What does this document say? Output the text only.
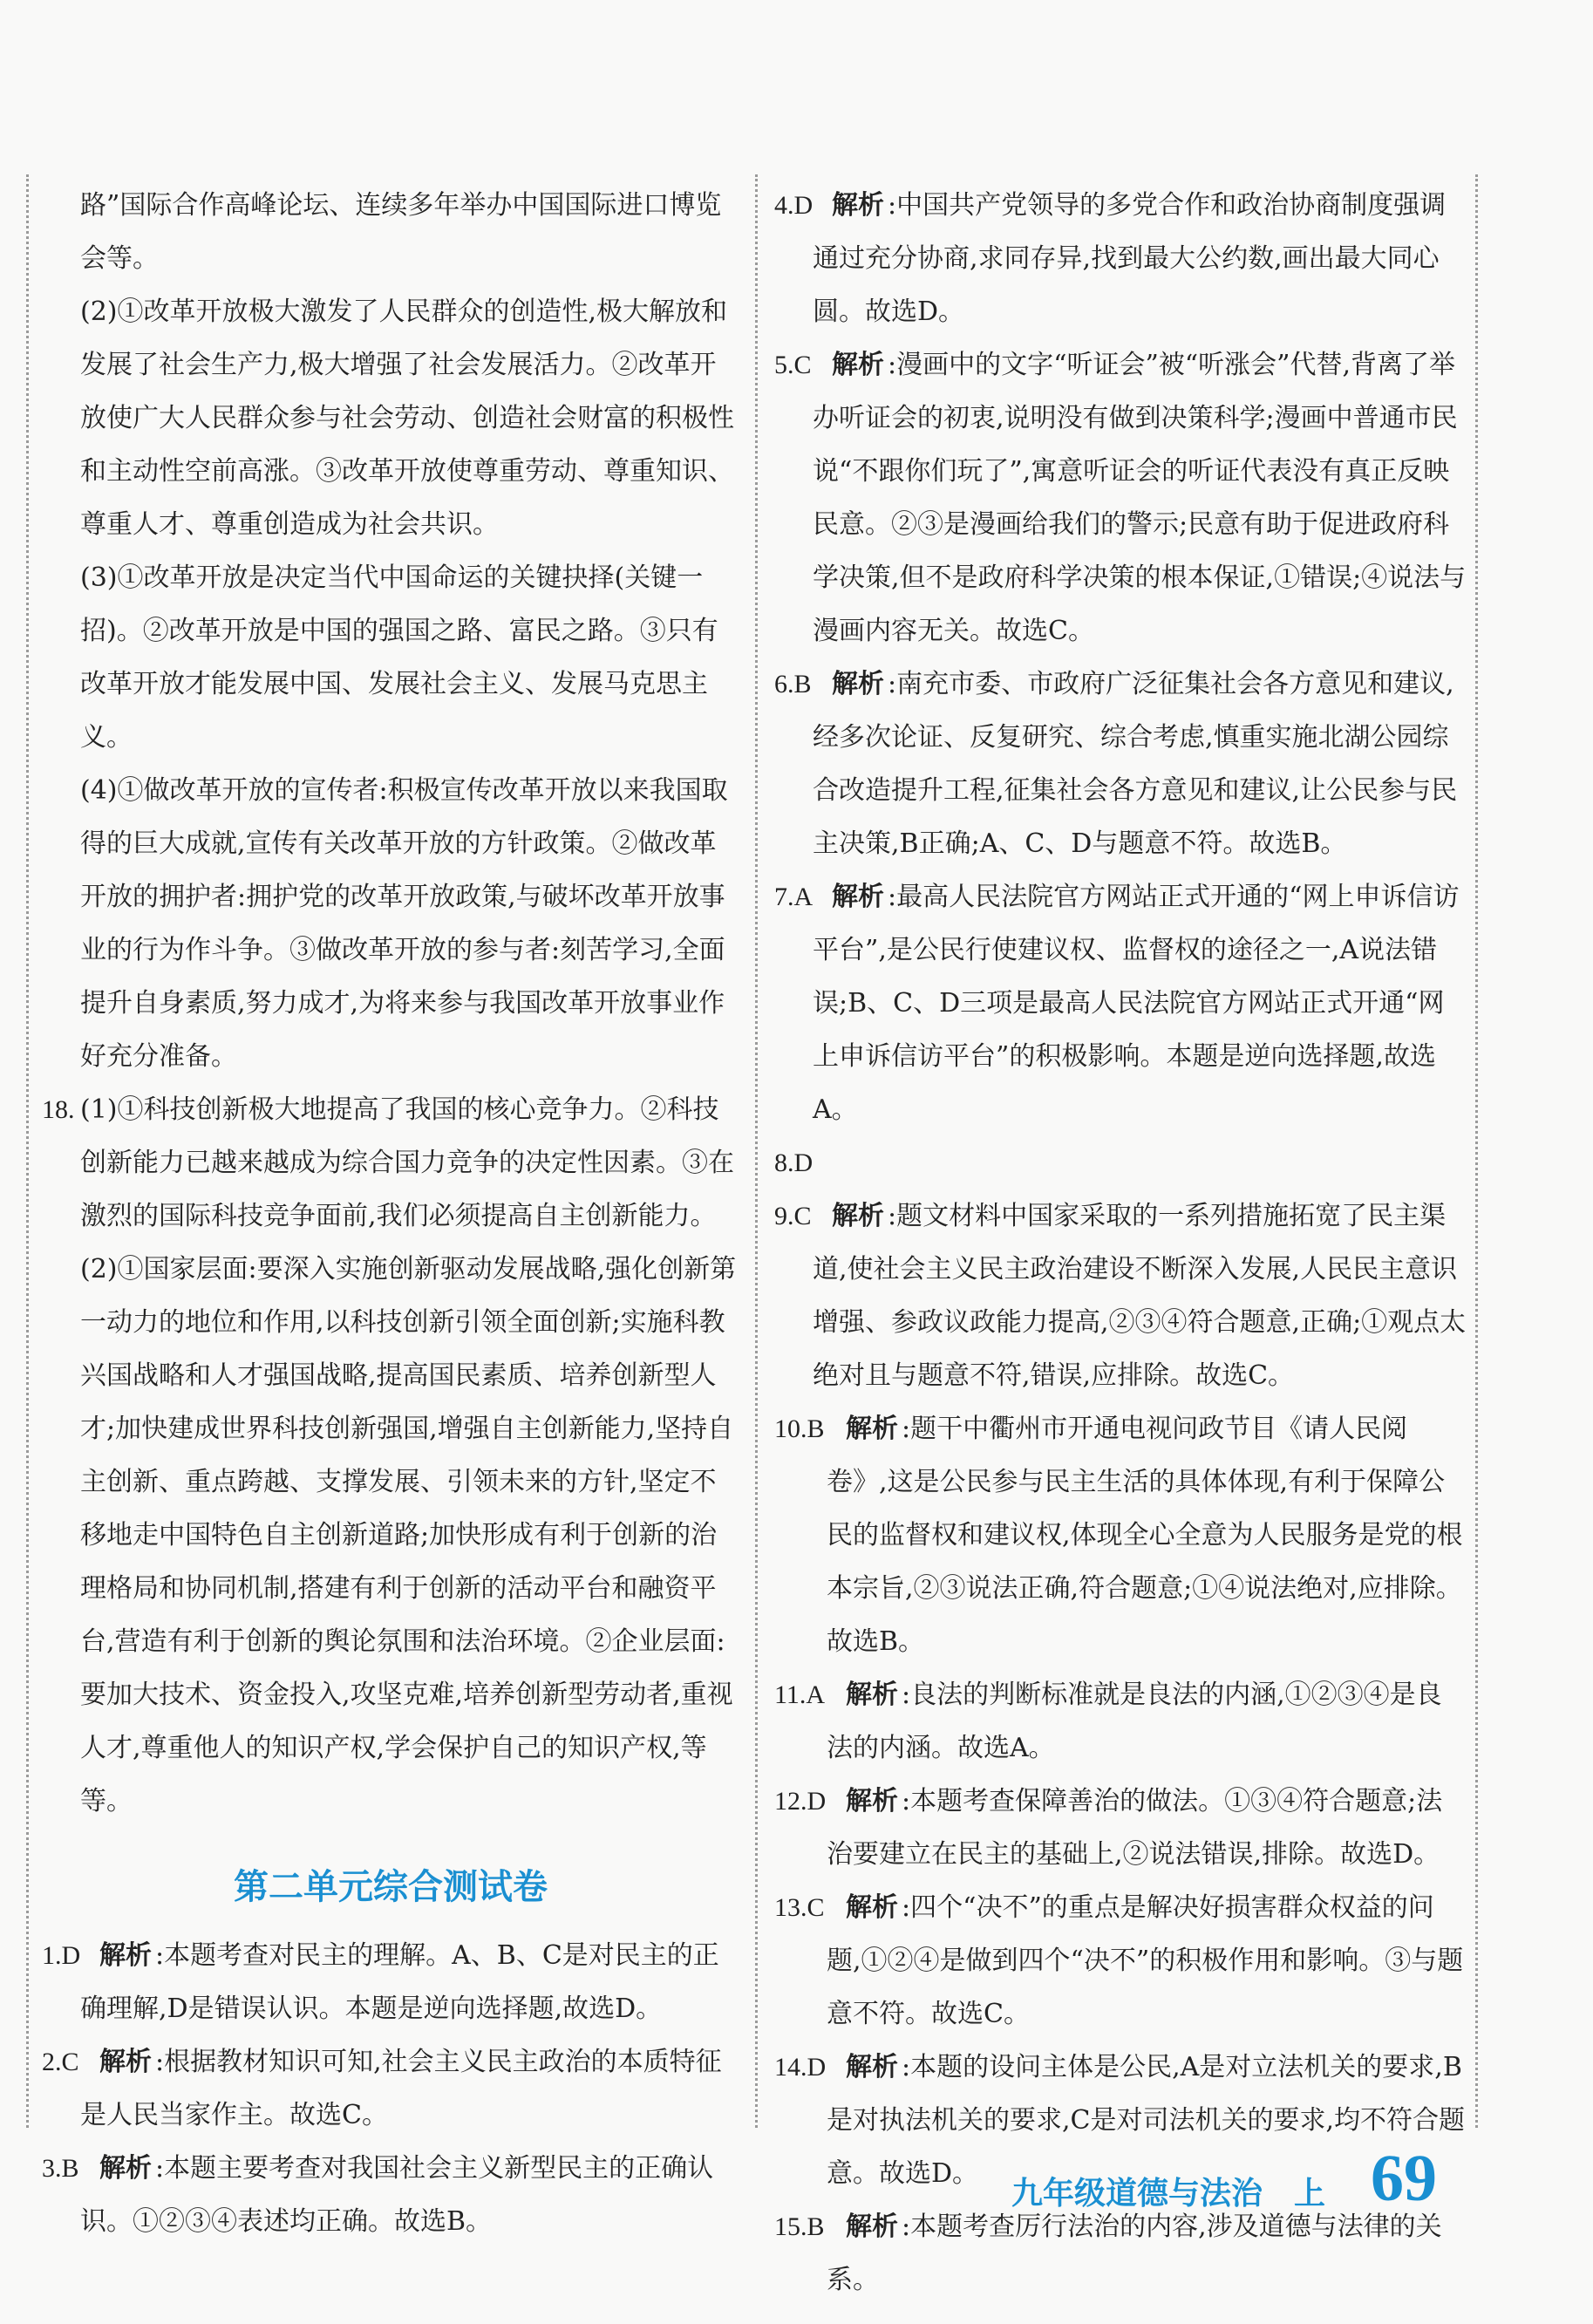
路”国际合作高峰论坛、连续多年举办中国国际进口博览会等。

(2)①改革开放极大激发了人民群众的创造性,极大解放和发展了社会生产力,极大增强了社会发展活力。②改革开放使广大人民群众参与社会劳动、创造社会财富的积极性和主动性空前高涨。③改革开放使尊重劳动、尊重知识、尊重人才、尊重创造成为社会共识。

(3)①改革开放是决定当代中国命运的关键抉择(关键一招)。②改革开放是中国的强国之路、富民之路。③只有改革开放才能发展中国、发展社会主义、发展马克思主义。

(4)①做改革开放的宣传者:积极宣传改革开放以来我国取得的巨大成就,宣传有关改革开放的方针政策。②做改革开放的拥护者:拥护党的改革开放政策,与破坏改革开放事业的行为作斗争。③做改革开放的参与者:刻苦学习,全面提升自身素质,努力成才,为将来参与我国改革开放事业作好充分准备。

18. (1)①科技创新极大地提高了我国的核心竞争力。②科技创新能力已越来越成为综合国力竞争的决定性因素。③在激烈的国际科技竞争面前,我们必须提高自主创新能力。

(2)①国家层面:要深入实施创新驱动发展战略,强化创新第一动力的地位和作用,以科技创新引领全面创新;实施科教兴国战略和人才强国战略,提高国民素质、培养创新型人才;加快建成世界科技创新强国,增强自主创新能力,坚持自主创新、重点跨越、支撑发展、引领未来的方针,坚定不移地走中国特色自主创新道路;加快形成有利于创新的治理格局和协同机制,搭建有利于创新的活动平台和融资平台,营造有利于创新的舆论氛围和法治环境。②企业层面:要加大技术、资金投入,攻坚克难,培养创新型劳动者,重视人才,尊重他人的知识产权,学会保护自己的知识产权,等等。

第二单元综合测试卷
1.D 解析 :本题考查对民主的理解。A、B、C是对民主的正确理解,D是错误认识。本题是逆向选择题,故选D。
2.C 解析 :根据教材知识可知,社会主义民主政治的本质特征是人民当家作主。故选C。
3.B 解析 :本题主要考查对我国社会主义新型民主的正确认识。①②③④表述均正确。故选B。
4.D 解析 :中国共产党领导的多党合作和政治协商制度强调通过充分协商,求同存异,找到最大公约数,画出最大同心圆。故选D。
5.C 解析 :漫画中的文字“听证会”被“听涨会”代替,背离了举办听证会的初衷,说明没有做到决策科学;漫画中普通市民说“不跟你们玩了”,寓意听证会的听证代表没有真正反映民意。②③是漫画给我们的警示;民意有助于促进政府科学决策,但不是政府科学决策的根本保证,①错误;④说法与漫画内容无关。故选C。
6.B 解析 :南充市委、市政府广泛征集社会各方意见和建议,经多次论证、反复研究、综合考虑,慎重实施北湖公园综合改造提升工程,征集社会各方意见和建议,让公民参与民主决策,B正确;A、C、D与题意不符。故选B。
7.A 解析 :最高人民法院官方网站正式开通的“网上申诉信访平台”,是公民行使建议权、监督权的途径之一,A说法错误;B、C、D三项是最高人民法院官方网站正式开通“网上申诉信访平台”的积极影响。本题是逆向选择题,故选A。
8.D

9.C 解析 :题文材料中国家采取的一系列措施拓宽了民主渠道,使社会主义民主政治建设不断深入发展,人民民主意识增强、参政议政能力提高,②③④符合题意,正确;①观点太绝对且与题意不符,错误,应排除。故选C。
10.B 解析 :题干中衢州市开通电视问政节目《请人民阅卷》,这是公民参与民主生活的具体体现,有利于保障公民的监督权和建议权,体现全心全意为人民服务是党的根本宗旨,②③说法正确,符合题意;①④说法绝对,应排除。故选B。
11.A 解析 :良法的判断标准就是良法的内涵,①②③④是良法的内涵。故选A。
12.D 解析 :本题考查保障善治的做法。①③④符合题意;法治要建立在民主的基础上,②说法错误,排除。故选D。
13.C 解析 :四个“决不”的重点是解决好损害群众权益的问题,①②④是做到四个“决不”的积极作用和影响。③与题意不符。故选C。
14.D 解析 :本题的设问主体是公民,A是对立法机关的要求,B是对执法机关的要求,C是对司法机关的要求,均不符合题意。故选D。
15.B 解析 :本题考查厉行法治的内容,涉及道德与法律的关系。
九年级道德与法治　上 69
